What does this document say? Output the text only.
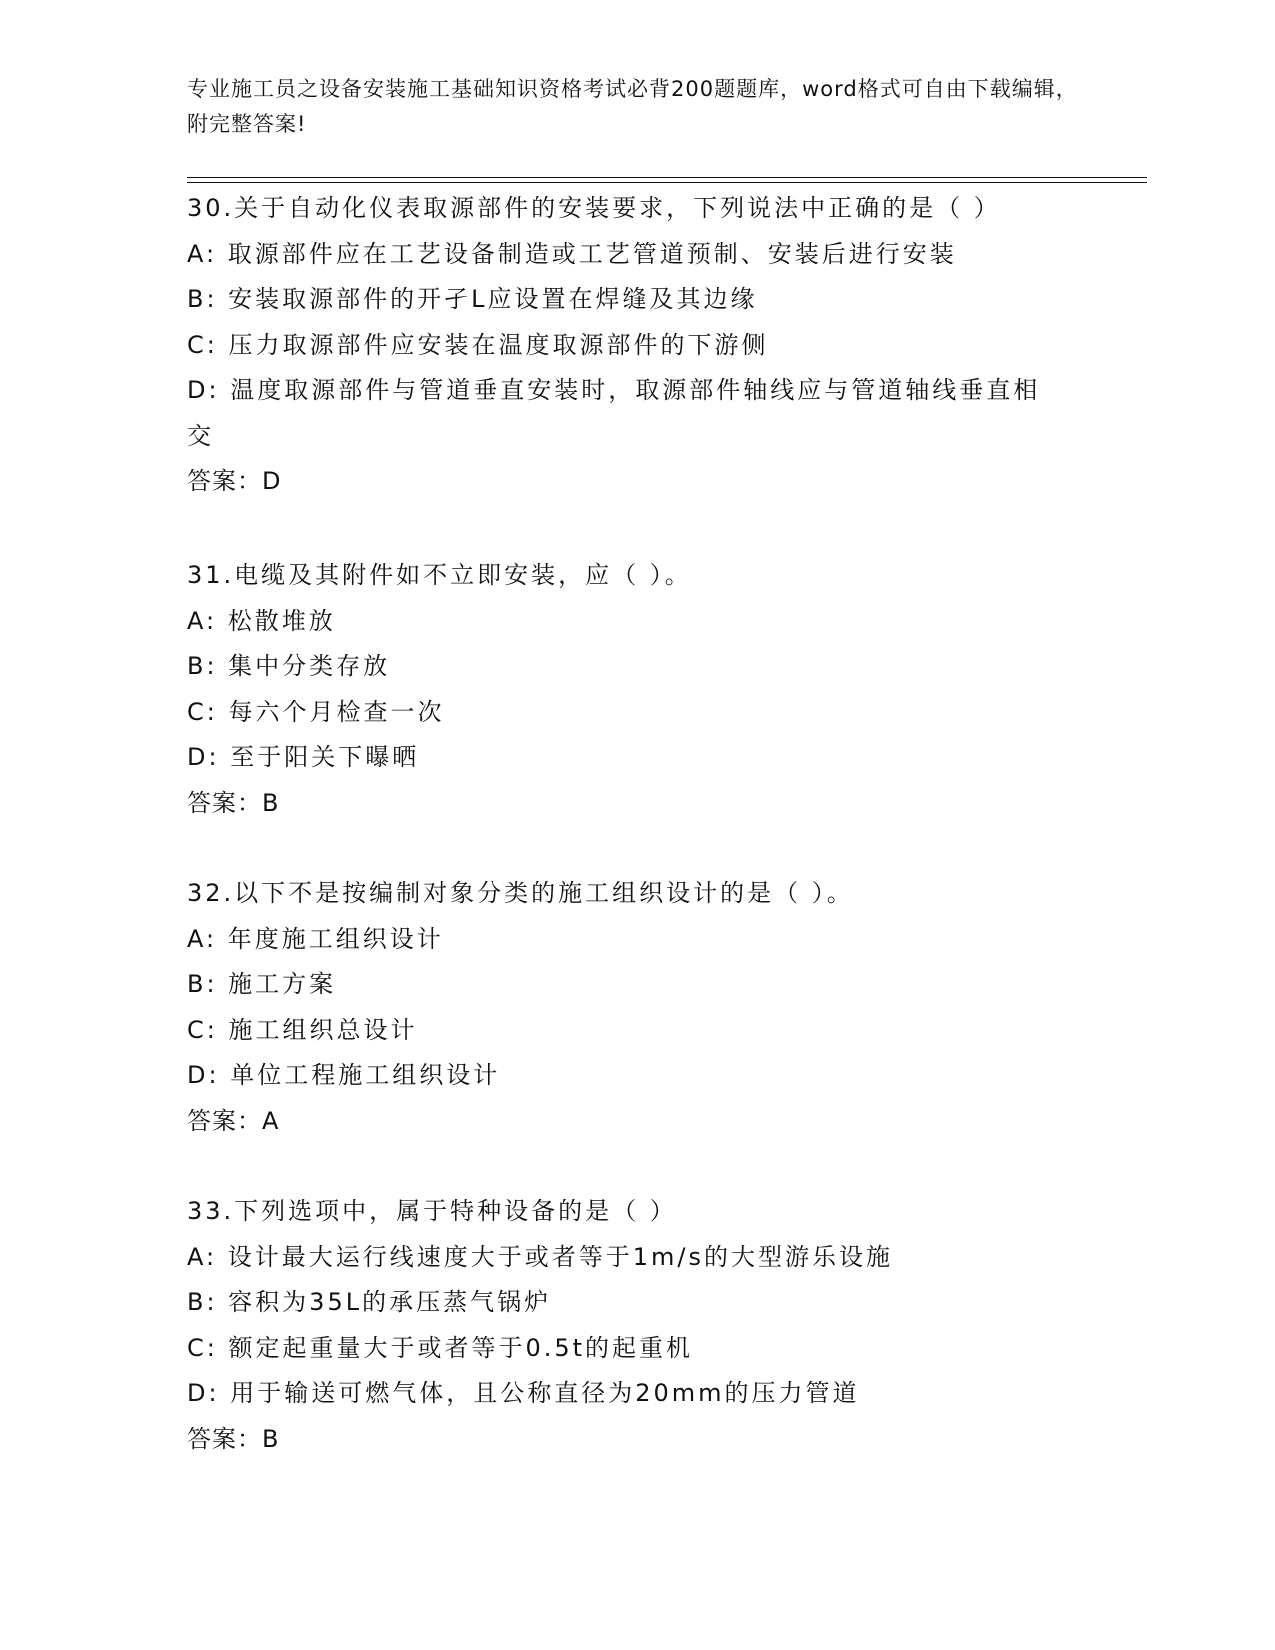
专业施工员之设备安装施工基础知识资格考试必背200题题库，word格式可自由下载编辑，附完整答案!
30.关于自动化仪表取源部件的安装要求，下列说法中正确的是（ ）
A: 取源部件应在工艺设备制造或工艺管道预制、安装后进行安装
B: 安装取源部件的开孑L应设置在焊缝及其边缘
C: 压力取源部件应安装在温度取源部件的下游侧
D: 温度取源部件与管道垂直安装时，取源部件轴线应与管道轴线垂直相交
答案：D
31.电缆及其附件如不立即安装，应（ ）。
A: 松散堆放
B: 集中分类存放
C: 每六个月检查一次
D: 至于阳关下曝晒
答案：B
32.以下不是按编制对象分类的施工组织设计的是（ ）。
A: 年度施工组织设计
B: 施工方案
C: 施工组织总设计
D: 单位工程施工组织设计
答案：A
33.下列选项中，属于特种设备的是（ ）
A: 设计最大运行线速度大于或者等于1m/s的大型游乐设施
B: 容积为35L的承压蒸气锅炉
C: 额定起重量大于或者等于0.5t的起重机
D: 用于输送可燃气体，且公称直径为20mm的压力管道
答案：B
